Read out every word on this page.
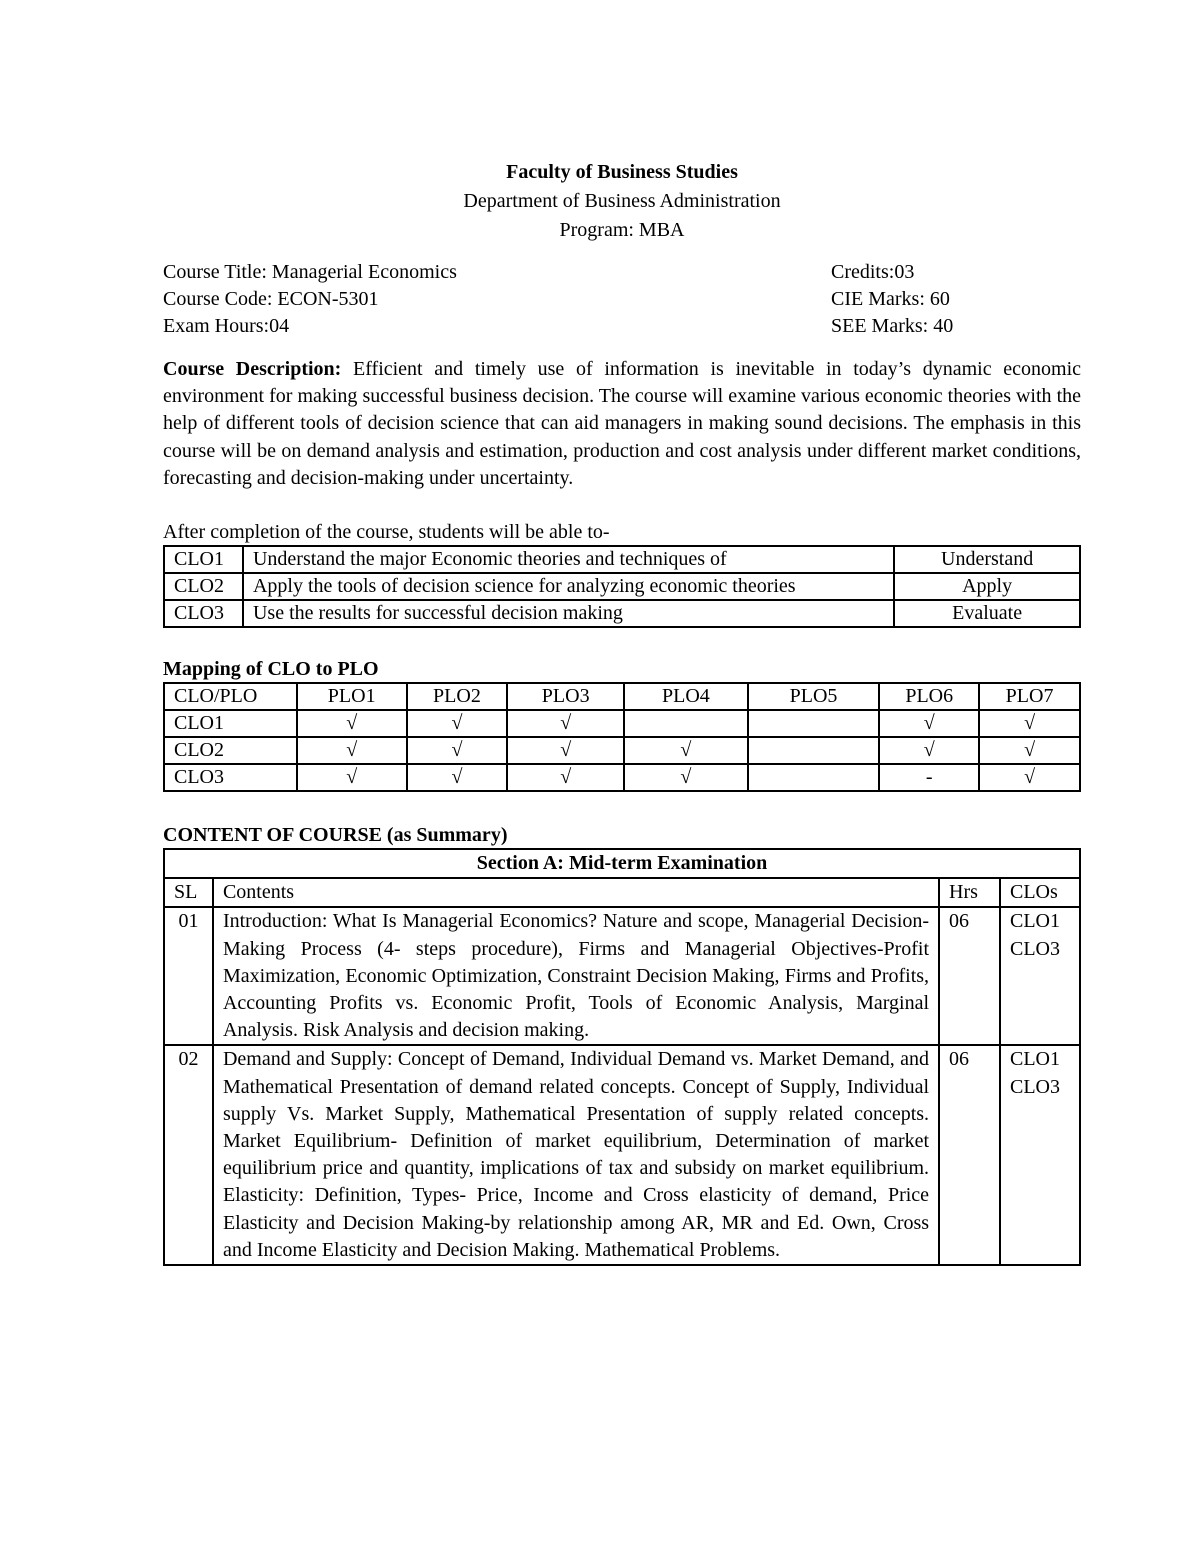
Faculty of Business Studies
Department of Business Administration
Program: MBA
Course Title: Managerial Economics	Credits:03
Course Code: ECON-5301	CIE Marks: 60
Exam Hours:04	SEE Marks: 40
Course Description: Efficient and timely use of information is inevitable in today’s dynamic economic environment for making successful business decision. The course will examine various economic theories with the help of different tools of decision science that can aid managers in making sound decisions. The emphasis in this course will be on demand analysis and estimation, production and cost analysis under different market conditions, forecasting and decision-making under uncertainty.
After completion of the course, students will be able to-
CLO1	Understand the major Economic theories and techniques of	Understand
CLO2	Apply the tools of decision science for analyzing economic theories	Apply
CLO3	Use the results for successful decision making	Evaluate
Mapping of CLO to PLO
CLO/PLO	PLO1	PLO2	PLO3	PLO4	PLO5	PLO6	PLO7
CLO1	√	√	√			√	√
CLO2	√	√	√	√		√	√
CLO3	√	√	√	√		-	√
CONTENT OF COURSE (as Summary)
Section A: Mid-term Examination			
SL	Contents	Hrs	CLOs
01	Introduction: What Is Managerial Economics? Nature and scope, Managerial Decision-Making Process (4- steps procedure), Firms and Managerial Objectives-Profit Maximization, Economic Optimization, Constraint Decision Making, Firms and Profits, Accounting Profits vs. Economic Profit, Tools of Economic Analysis, Marginal Analysis. Risk Analysis and decision making.	06	CLO1
CLO3

02	Demand and Supply: Concept of Demand, Individual Demand vs. Market Demand, and Mathematical Presentation of demand related concepts. Concept of Supply, Individual supply Vs. Market Supply, Mathematical Presentation of supply related concepts. Market Equilibrium- Definition of market equilibrium, Determination of market equilibrium price and quantity, implications of tax and subsidy on market equilibrium. Elasticity: Definition, Types- Price, Income and Cross elasticity of demand, Price Elasticity and Decision Making-by relationship among AR, MR and Ed. Own, Cross and Income Elasticity and Decision Making. Mathematical Problems.	06	CLO1
CLO3
